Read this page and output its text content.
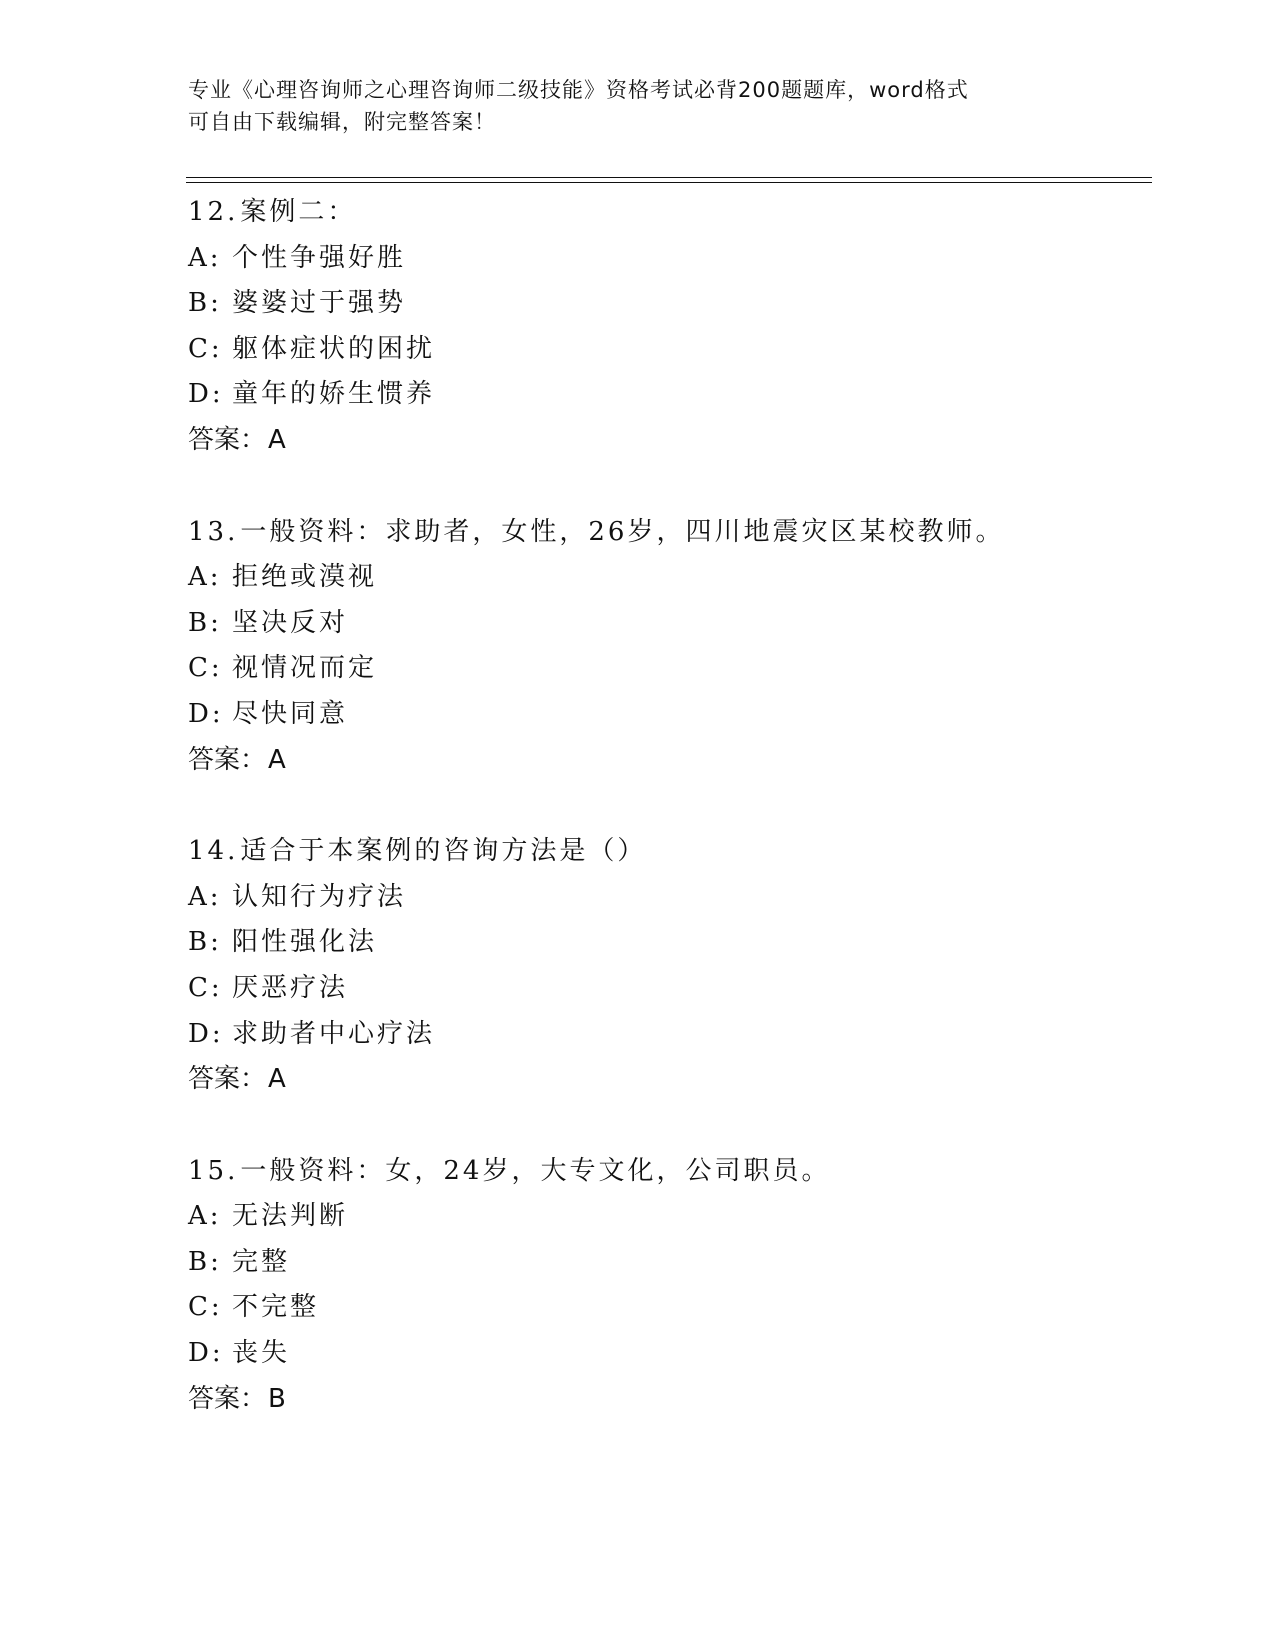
专业《心理咨询师之心理咨询师二级技能》资格考试必背200题题库，word格式
可自由下载编辑，附完整答案！
12.案例二：
A: 个性争强好胜
B: 婆婆过于强势
C: 躯体症状的困扰
D: 童年的娇生惯养
答案：A
13.一般资料：求助者，女性，26岁，四川地震灾区某校教师。
A: 拒绝或漠视
B: 坚决反对
C: 视情况而定
D: 尽快同意
答案：A
14.适合于本案例的咨询方法是（）
A: 认知行为疗法
B: 阳性强化法
C: 厌恶疗法
D: 求助者中心疗法
答案：A
15.一般资料：女，24岁，大专文化，公司职员。
A: 无法判断
B: 完整
C: 不完整
D: 丧失
答案：B
